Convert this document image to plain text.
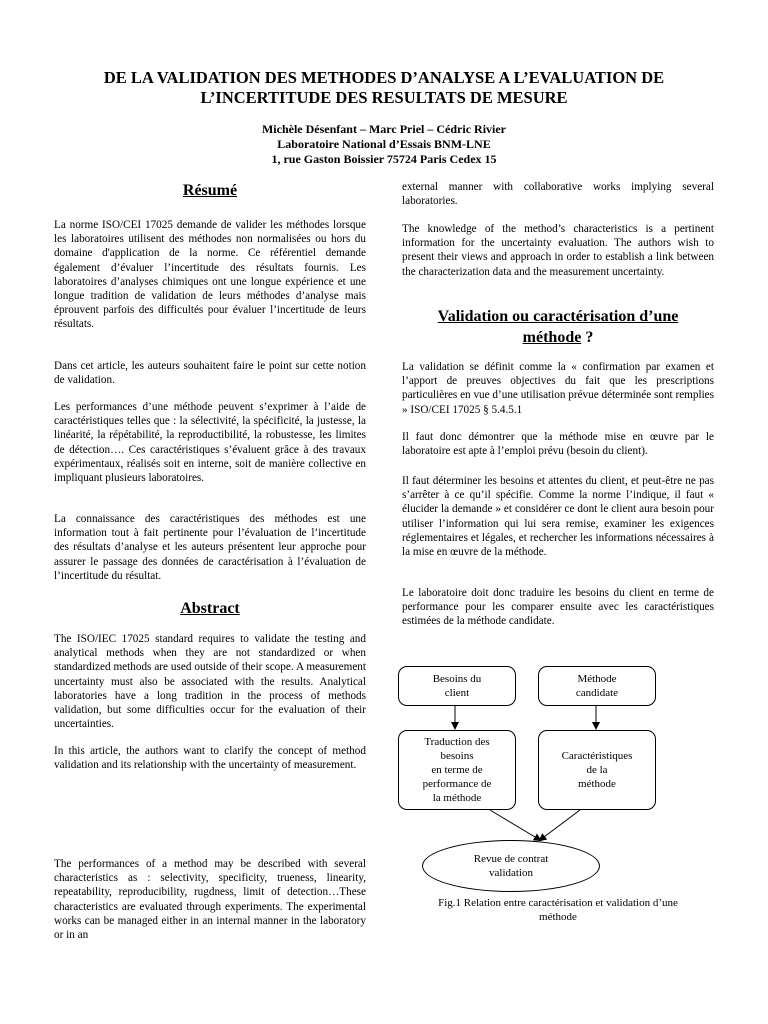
DE LA VALIDATION DES METHODES D’ANALYSE A L’EVALUATION DE
L’INCERTITUDE DES RESULTATS DE MESURE
Michèle Désenfant – Marc Priel – Cédric Rivier
Laboratoire National d’Essais BNM-LNE
1, rue Gaston Boissier 75724 Paris Cedex 15
Résumé

La norme ISO/CEI 17025 demande de valider les méthodes lorsque les laboratoires utilisent des méthodes non normalisées ou hors du domaine d'application de la norme. Ce référentiel demande également d’évaluer l’incertitude des résultats fournis. Les laboratoires d’analyses chimiques ont une longue expérience et une longue tradition de validation de leurs méthodes d’analyse mais éprouvent parfois des difficultés pour évaluer l’incertitude de leurs résultats.

Dans cet article, les auteurs souhaitent faire le point sur cette notion de validation.

Les performances d’une méthode peuvent s’exprimer à l’aide de caractéristiques telles que : la sélectivité, la spécificité, la justesse, la linéarité, la répétabilité, la reproductibilité, la robustesse, les limites de détection…. Ces caractéristiques s’évaluent grâce à des travaux expérimentaux, réalisés soit en interne, soit de manière collective en impliquant plusieurs laboratoires.

La connaissance des caractéristiques des méthodes est une information tout à fait pertinente pour l’évaluation de l’incertitude des résultats d’analyse et les auteurs présentent leur approche pour assurer le passage des données de caractérisation à l’évaluation de l’incertitude du résultat.

Abstract

The ISO/IEC 17025 standard requires to validate the testing and analytical methods when they are not standardized or when standardized methods are used outside of their scope. A measurement uncertainty must also be associated with the results. Analytical laboratories have a long tradition in the process of methods validation, but some difficulties occur for the evaluation of their uncertainties.

In this article, the authors want to clarify the concept of method validation and its relationship with the uncertainty of measurement.

The performances of a method may be described with several characteristics as : selectivity, specificity, trueness, linearity, repeatability, reproducibility, rugdness, limit of detection…These characteristics are evaluated through experiments. The experimental works can be managed either in an internal manner in the laboratory or in an

external manner with collaborative works implying several laboratories.

The knowledge of the method’s characteristics is a pertinent information for the uncertainty evaluation. The authors wish to present their views and approach in order to establish a link between the characterization data and the measurement uncertainty.

Validation ou caractérisation d’une
méthode ?

La validation se définit comme la « confirmation par examen et l’apport de preuves objectives du fait que les prescriptions particulières en vue d’une utilisation prévue déterminée sont remplies » ISO/CEI 17025 § 5.4.5.1

Il faut donc démontrer que la méthode mise en œuvre par le laboratoire est apte à l’emploi prévu (besoin du client).

Il faut déterminer les besoins et attentes du client, et peut-être ne pas s’arrêter à ce qu’il spécifie. Comme la norme l’indique, il faut « élucider la demande » et considérer ce dont le client aura besoin pour utiliser l’information qui lui sera remise, examiner les exigences réglementaires et légales, et rechercher les informations nécessaires à la mise en œuvre de la méthode.

Le laboratoire doit donc traduire les besoins du client en terme de performance pour les comparer ensuite avec les caractéristiques estimées de la méthode candidate.

Besoins du
client
Méthode
candidate
Traduction des
besoins
en terme de
performance de
la méthode
Caractéristiques
de la
méthode
Revue de contrat
validation
Fig.1 Relation entre caractérisation et validation d’une
méthode
